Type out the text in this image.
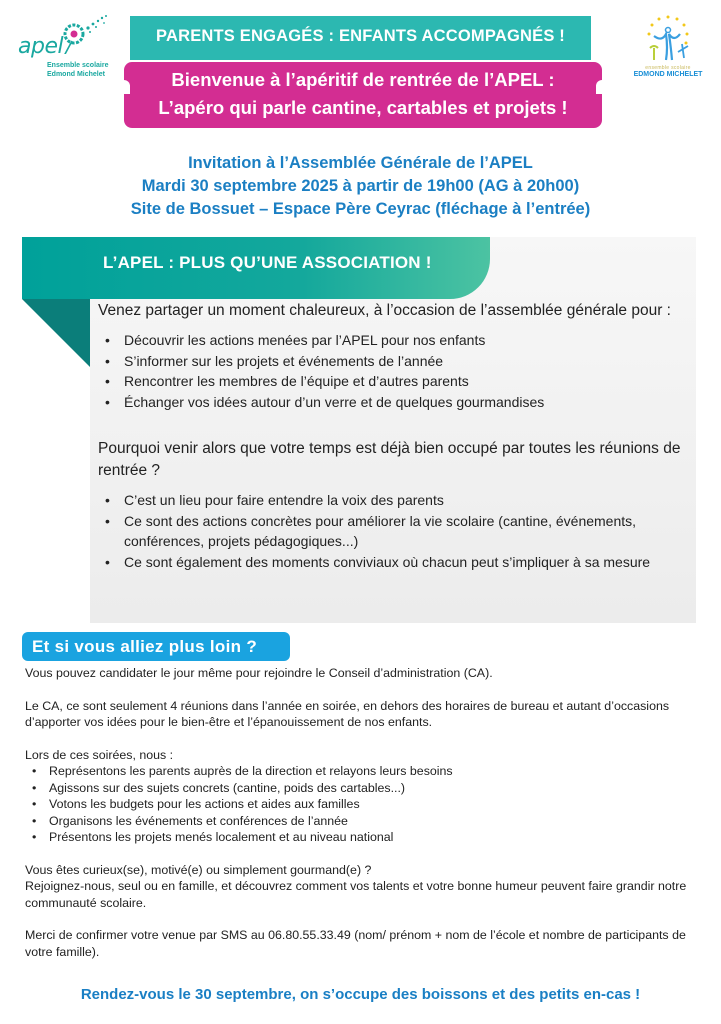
apel
Ensemble scolaire
Edmond Michelet
ensemble scolaire
EDMOND MICHELET
PARENTS ENGAGÉS : ENFANTS ACCOMPAGNÉS !
Bienvenue à l’apéritif de rentrée de l’APEL :
L’apéro qui parle cantine, cartables et projets !
Invitation à l’Assemblée Générale de l’APEL
Mardi 30 septembre 2025 à partir de 19h00 (AG à 20h00)
Site de Bossuet – Espace Père Ceyrac (fléchage à l’entrée)
L’APEL : PLUS QU’UNE ASSOCIATION !

Venez partager un moment chaleureux, à l’occasion de l’assemblée générale pour :

• Découvrir les actions menées par l’APEL pour nos enfants
• S’informer sur les projets et événements de l’année
• Rencontrer les membres de l’équipe et d’autres parents
• Échanger vos idées autour d’un verre et de quelques gourmandises

Pourquoi venir alors que votre temps est déjà bien occupé par toutes les réunions de rentrée ?

• C’est un lieu pour faire entendre la voix des parents
• Ce sont des actions concrètes pour améliorer la vie scolaire (cantine, événements, conférences, projets pédagogiques...)
• Ce sont également des moments conviviaux où chacun peut s’impliquer à sa mesure
Et si vous alliez plus loin ?

Vous pouvez candidater le jour même pour rejoindre le Conseil d’administration (CA).

Le CA, ce sont seulement 4 réunions dans l’année en soirée, en dehors des horaires de bureau et autant d’occasions d’apporter vos idées pour le bien-être et l’épanouissement de nos enfants.

Lors de ces soirées, nous :

• Représentons les parents auprès de la direction et relayons leurs besoins
• Agissons sur des sujets concrets (cantine, poids des cartables...)
• Votons les budgets pour les actions et aides aux familles
• Organisons les événements et conférences de l’année
• Présentons les projets menés localement et au niveau national

Vous êtes curieux(se), motivé(e) ou simplement gourmand(e) ?

Rejoignez-nous, seul ou en famille, et découvrez comment vos talents et votre bonne humeur peuvent faire grandir notre communauté scolaire.

Merci de confirmer votre venue par SMS au 06.80.55.33.49 (nom/ prénom + nom de l’école et nombre de participants de votre famille).

Rendez-vous le 30 septembre, on s’occupe des boissons et des petits en-cas !
